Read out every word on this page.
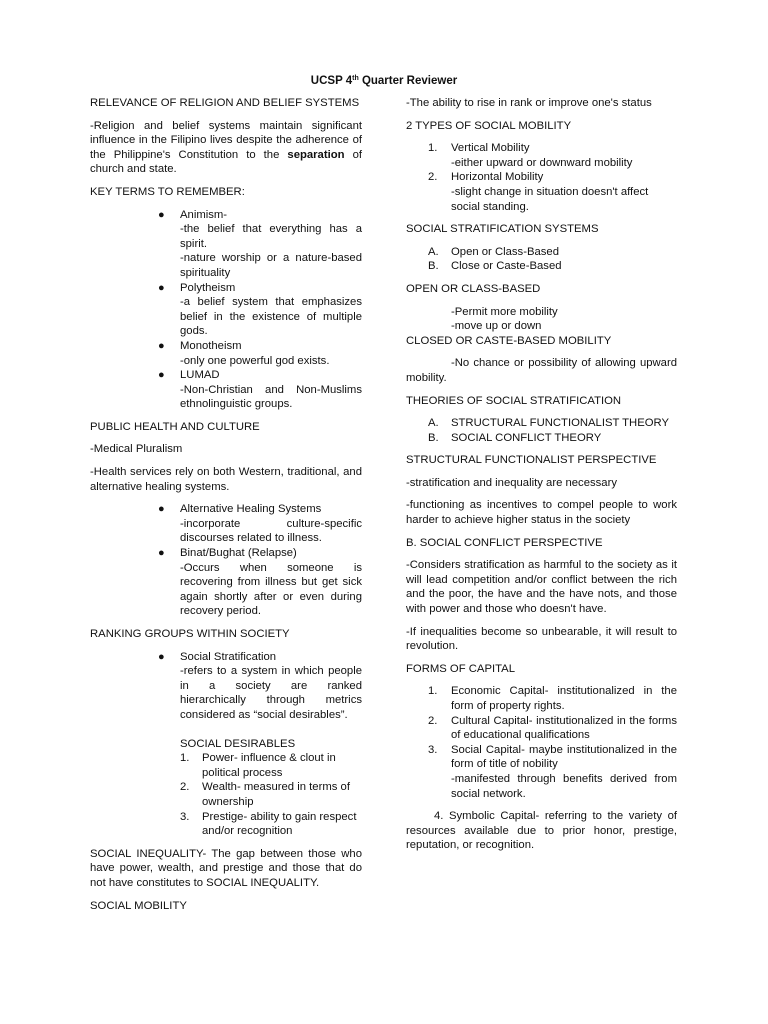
UCSP 4th Quarter Reviewer
RELEVANCE OF RELIGION AND BELIEF SYSTEMS
-Religion and belief systems maintain significant influence in the Filipino lives despite the adherence of the Philippine's Constitution to the separation of church and state.
KEY TERMS TO REMEMBER:
● Animism-
-the belief that everything has a spirit.
-nature worship or a nature-based spirituality
● Polytheism
-a belief system that emphasizes belief in the existence of multiple gods.
● Monotheism
-only one powerful god exists.
● LUMAD
-Non-Christian and Non-Muslims ethnolinguistic groups.
PUBLIC HEALTH AND CULTURE
-Medical Pluralism
-Health services rely on both Western, traditional, and alternative healing systems.
● Alternative Healing Systems
-incorporate culture-specific discourses related to illness.
● Binat/Bughat (Relapse)
-Occurs when someone is recovering from illness but get sick again shortly after or even during recovery period.
RANKING GROUPS WITHIN SOCIETY
● Social Stratification
-refers to a system in which people in a society are ranked hierarchically through metrics considered as “social desirables”.
SOCIAL DESIRABLES
1. Power- influence & clout in political process
2. Wealth- measured in terms of ownership
3. Prestige- ability to gain respect and/or recognition
SOCIAL INEQUALITY- The gap between those who have power, wealth, and prestige and those that do not have constitutes to SOCIAL INEQUALITY.
SOCIAL MOBILITY
-The ability to rise in rank or improve one's status
2 TYPES OF SOCIAL MOBILITY
1. Vertical Mobility
-either upward or downward mobility
2. Horizontal Mobility
-slight change in situation doesn't affect social standing.
SOCIAL STRATIFICATION SYSTEMS
A. Open or Class-Based
B. Close or Caste-Based
OPEN OR CLASS-BASED
-Permit more mobility
-move up or down
CLOSED OR CASTE-BASED MOBILITY
-No chance or possibility of allowing upward mobility.
THEORIES OF SOCIAL STRATIFICATION
A. STRUCTURAL FUNCTIONALIST THEORY
B. SOCIAL CONFLICT THEORY
STRUCTURAL FUNCTIONALIST PERSPECTIVE
-stratification and inequality are necessary
-functioning as incentives to compel people to work harder to achieve higher status in the society
B. SOCIAL CONFLICT PERSPECTIVE
-Considers stratification as harmful to the society as it will lead competition and/or conflict between the rich and the poor, the have and the have nots, and those with power and those who doesn't have.
-If inequalities become so unbearable, it will result to revolution.
FORMS OF CAPITAL
1. Economic Capital- institutionalized in the form of property rights.
2. Cultural Capital- institutionalized in the forms of educational qualifications
3. Social Capital- maybe institutionalized in the form of title of nobility
-manifested through benefits derived from social network.
4. Symbolic Capital- referring to the variety of resources available due to prior honor, prestige, reputation, or recognition.
